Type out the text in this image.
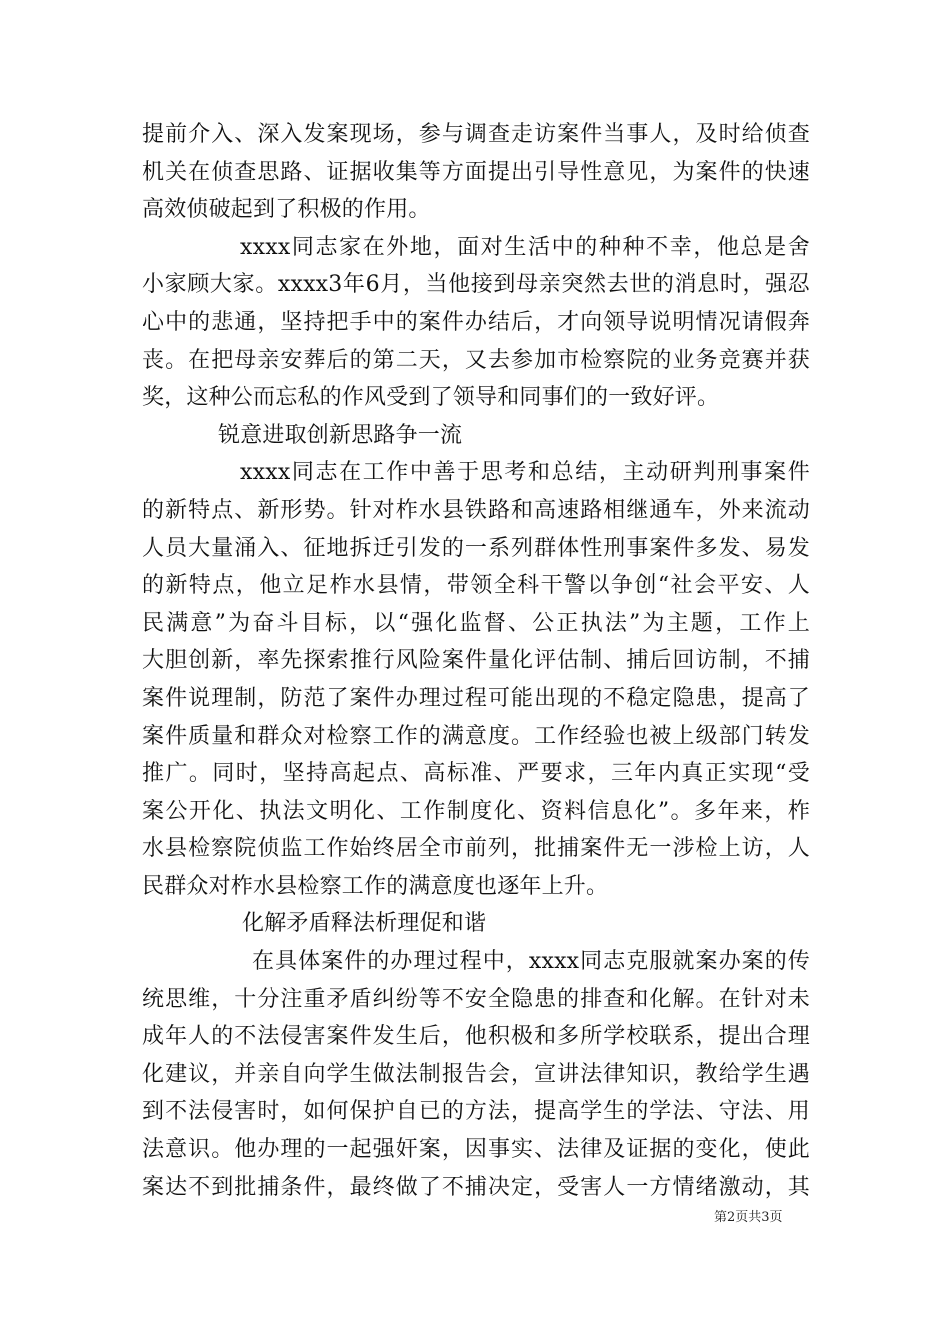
提前介入、深入发案现场，参与调查走访案件当事人，及时给侦查
机关在侦查思路、证据收集等方面提出引导性意见，为案件的快速
高效侦破起到了积极的作用。
xxxx同志家在外地，面对生活中的种种不幸，他总是舍
小家顾大家。xxxx3年6月，当他接到母亲突然去世的消息时，强忍
心中的悲通，坚持把手中的案件办结后，才向领导说明情况请假奔
丧。在把母亲安葬后的第二天，又去参加市检察院的业务竞赛并获
奖，这种公而忘私的作风受到了领导和同事们的一致好评。
锐意进取创新思路争一流
xxxx同志在工作中善于思考和总结，主动研判刑事案件
的新特点、新形势。针对柞水县铁路和高速路相继通车，外来流动
人员大量涌入、征地拆迁引发的一系列群体性刑事案件多发、易发
的新特点，他立足柞水县情，带领全科干警以争创“社会平安、人
民满意”为奋斗目标，以“强化监督、公正执法”为主题，工作上
大胆创新，率先探索推行风险案件量化评估制、捕后回访制，不捕
案件说理制，防范了案件办理过程可能出现的不稳定隐患，提高了
案件质量和群众对检察工作的满意度。工作经验也被上级部门转发
推广。同时，坚持高起点、高标准、严要求，三年内真正实现“受
案公开化、执法文明化、工作制度化、资料信息化”。多年来，柞
水县检察院侦监工作始终居全市前列，批捕案件无一涉检上访，人
民群众对柞水县检察工作的满意度也逐年上升。
化解矛盾释法析理促和谐
在具体案件的办理过程中，xxxx同志克服就案办案的传
统思维，十分注重矛盾纠纷等不安全隐患的排查和化解。在针对未
成年人的不法侵害案件发生后，他积极和多所学校联系，提出合理
化建议，并亲自向学生做法制报告会，宣讲法律知识，教给学生遇
到不法侵害时，如何保护自已的方法，提高学生的学法、守法、用
法意识。他办理的一起强奸案，因事实、法律及证据的变化，使此
案达不到批捕条件，最终做了不捕决定，受害人一方情绪激动，其
第2页共3页
